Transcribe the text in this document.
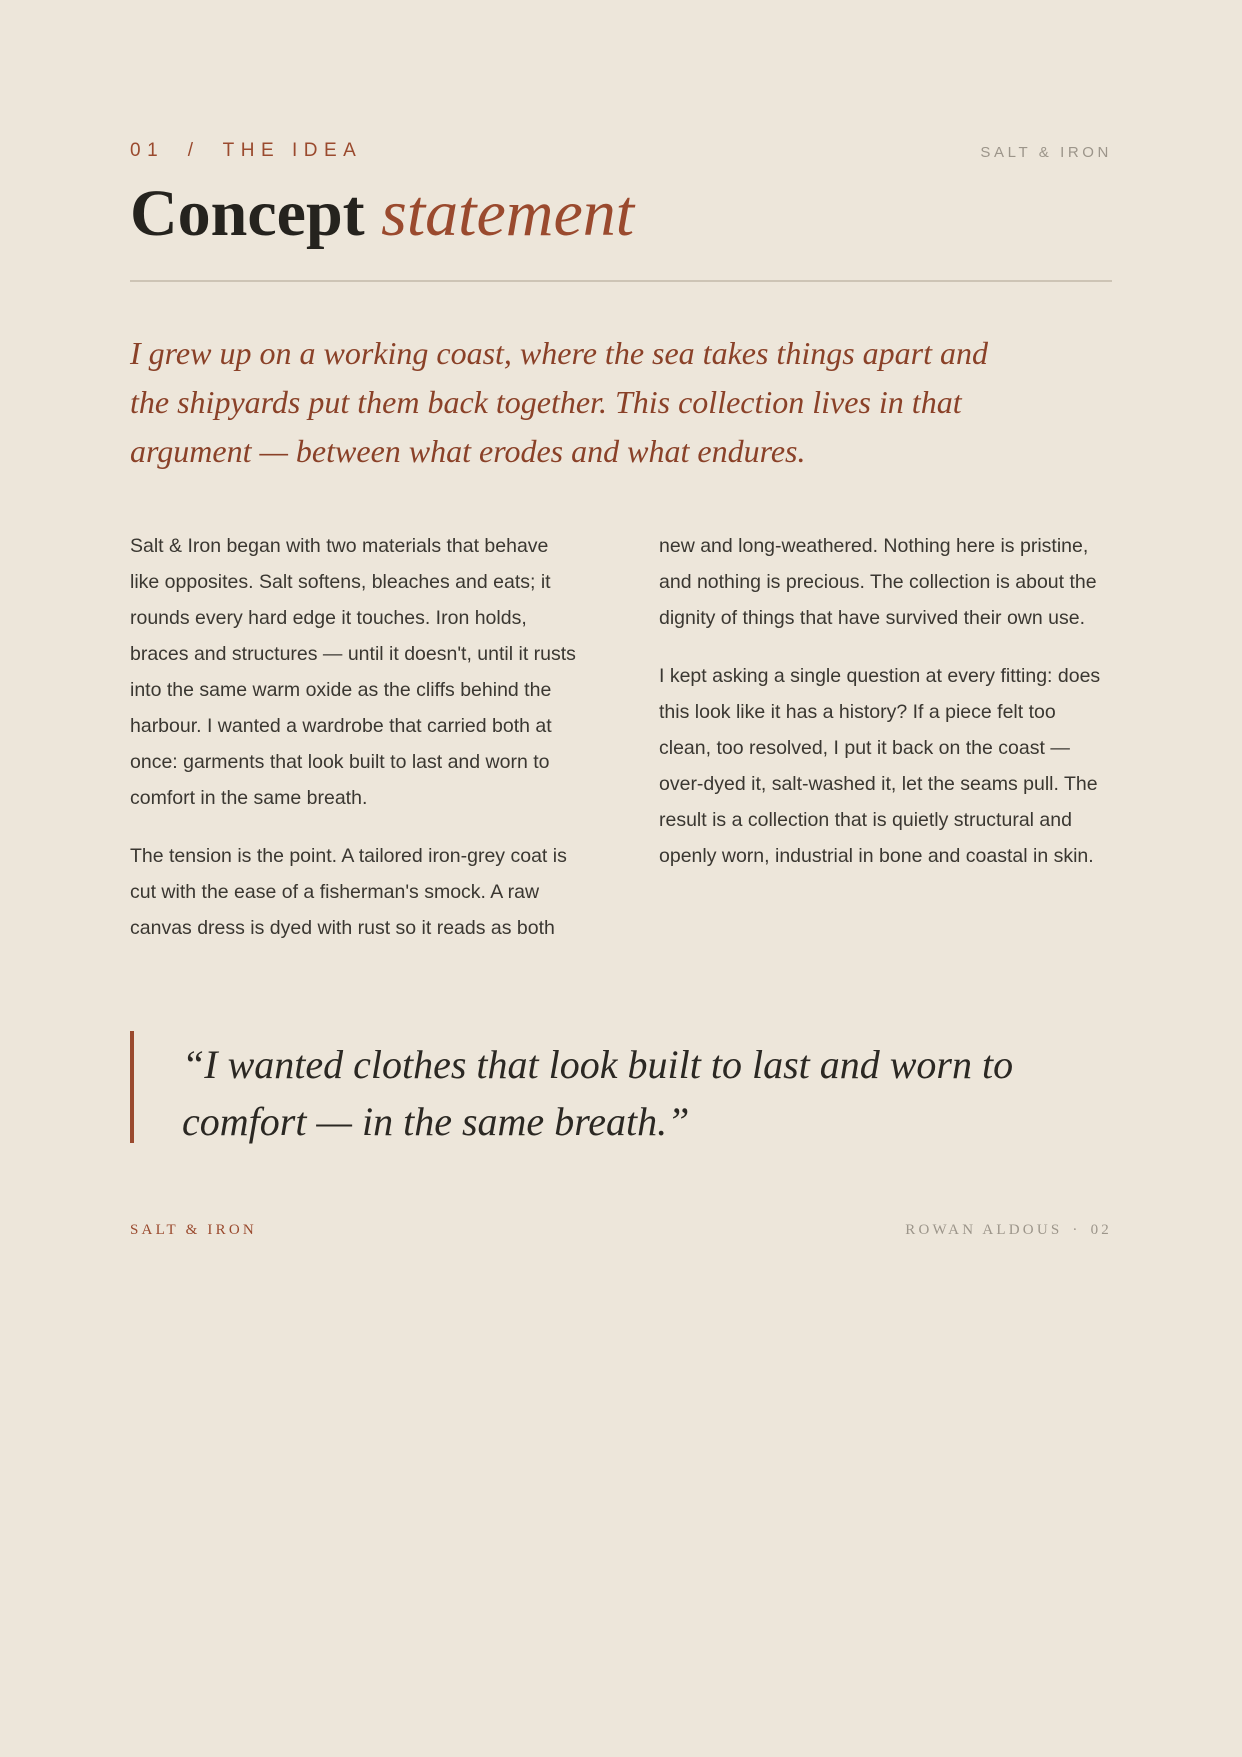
01  /  THE IDEA	SALT & IRON
Concept statement

I grew up on a working coast, where the sea takes things apart and the shipyards put them back together. This collection lives in that argument — between what erodes and what endures.

Salt & Iron began with two materials that behave like opposites. Salt softens, bleaches and eats; it rounds every hard edge it touches. Iron holds, braces and structures — until it doesn't, until it rusts into the same warm oxide as the cliffs behind the harbour. I wanted a wardrobe that carried both at once: garments that look built to last and worn to comfort in the same breath.

The tension is the point. A tailored iron-grey coat is cut with the ease of a fisherman's smock. A raw canvas dress is dyed with rust so it reads as both new and long-weathered. Nothing here is pristine, and nothing is precious. The collection is about the dignity of things that have survived their own use.

I kept asking a single question at every fitting: does this look like it has a history? If a piece felt too clean, too resolved, I put it back on the coast — over-dyed it, salt-washed it, let the seams pull. The result is a collection that is quietly structural and openly worn, industrial in bone and coastal in skin.

“I wanted clothes that look built to last and worn to comfort — in the same breath.”

SALT & IRON	ROWAN ALDOUS · 02
